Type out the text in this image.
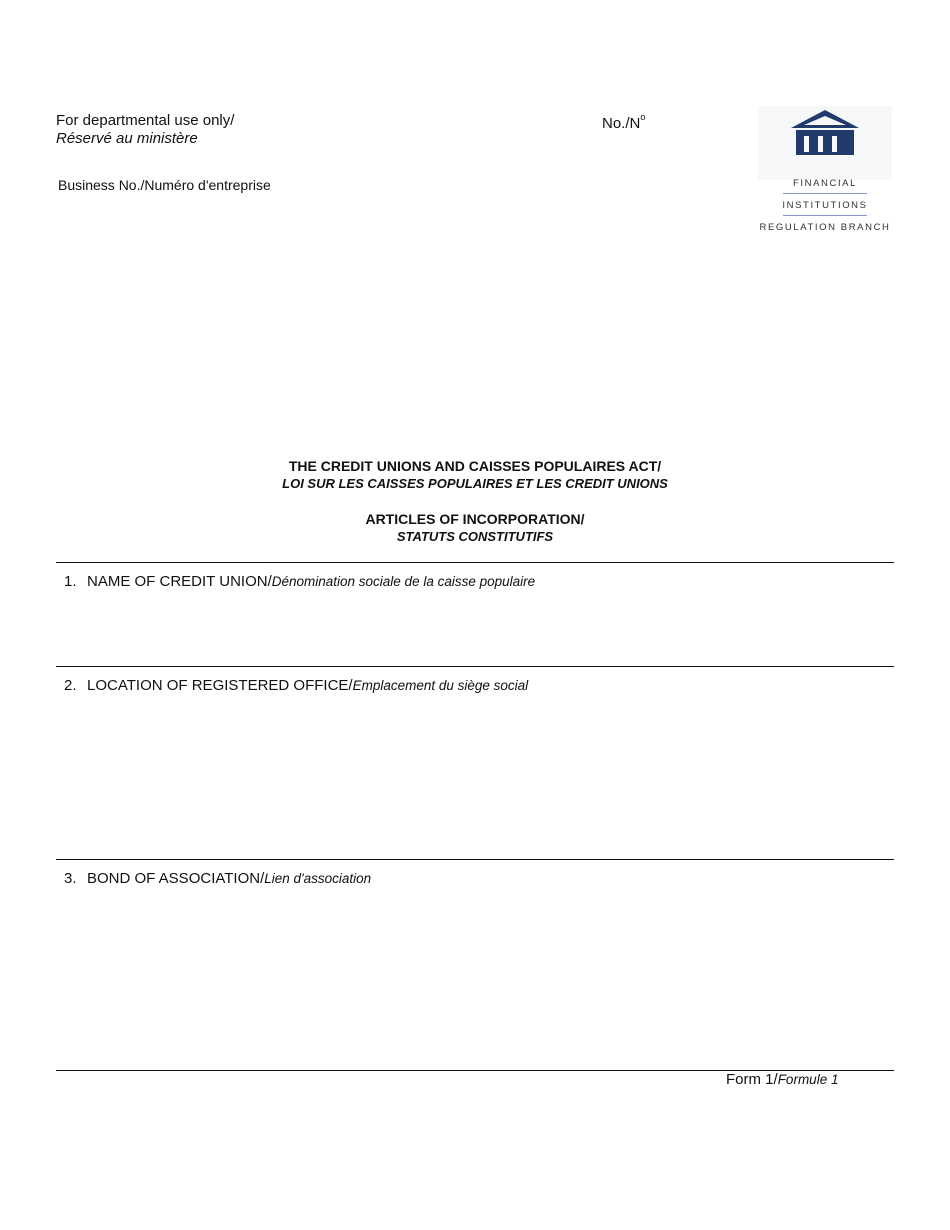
For departmental use only/
Réservé au ministère
$No./N^o$
Business No./Numéro d'entreprise	FINANCIAL
INSTITUTIONS
REGULATION BRANCH
THE CREDIT UNIONS AND CAISSES POPULAIRES ACT/
LOI SUR LES CAISSES POPULAIRES ET LES CREDIT UNIONS
ARTICLES OF INCORPORATION/
STATUTS CONSTITUTIFS
1. NAME OF CREDIT UNION/Dénomination sociale de la caisse populaire
2. LOCATION OF REGISTERED OFFICE/Emplacement du siège social
3. BOND OF ASSOCIATION/Lien d'association
Form 1/Formule 1
